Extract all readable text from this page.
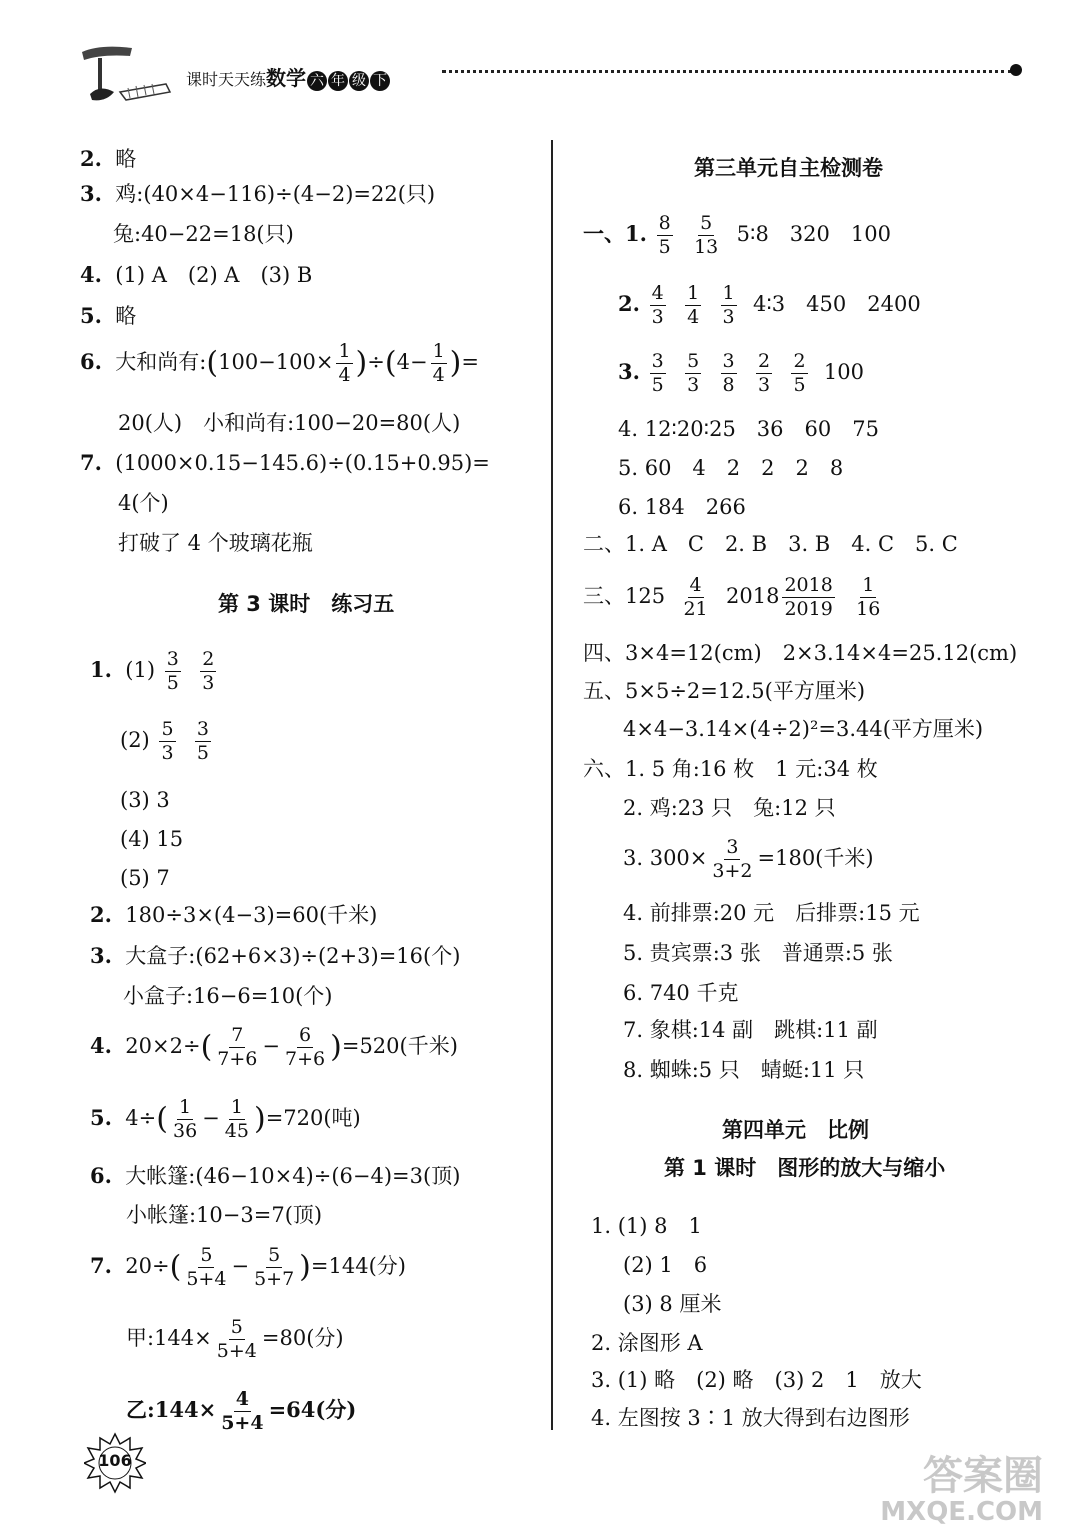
课时天天练数学 六 年 级 下
2. 略
3. 鸡:(40×4−116)÷(4−2)=22(只)
兔:40−22=18(只)
4. (1) A　(2) A　(3) B
5. 略
6. 大和尚有:(100−100× $\frac{1}{4} )\div(4- \frac{1}{4}$ )=
20(人)　小和尚有:100−20=80(人)
7. (1000×0.15−145.6)÷(0.15+0.95)=
4(个)
打破了 4 个玻璃花瓶
第 3 课时　练习五
1. $(1) \frac{3}{5}$
$\frac{2}{3}$
$(2) \frac{5}{3}$
$\frac{3}{5}$
(3) 3
(4) 15
(5) 7
2. 180÷3×(4−3)=60(千米)
3. 大盒子:(62+6×3)÷(2+3)=16(个)
小盒子:16−6=10(个)
4. $20\times 2\div( \frac{7}{7+6} - \frac{6}{7+6} )=520$(千米)
5. $4\div( \frac{1}{36} - \frac{1}{45} )=720$(吨)
6. 大帐篷:(46−10×4)÷(6−4)=3(顶)
小帐篷:10−3=7(顶)
7. $20\div( \frac{5}{5+4} - \frac{5}{5+7} )=144$(分)
甲:144× $\frac{5}{5+4} =80$(分)
乙:144× $\frac{4}{5+4} =64$(分)
第三单元自主检测卷
一、1. $\frac{8}{5}$
$\frac{5}{13}$ 5∶8　320　100
2. $\frac{4}{3}$
$\frac{1}{4}$
$\frac{1}{3}$ 4∶3　450　2400
3. $\frac{3}{5}$
$\frac{5}{3}$
$\frac{3}{8}$
$\frac{2}{3}$
$\frac{2}{5} 100$
4. 12∶20∶25　36　60　75
5. 60　4　2　2　2　8
6. 184　266
二、1. A　C　2. B　3. B　4. C　5. C
三、$125 \frac{4}{21} 2018 \frac{2018}{2019}$
$\frac{1}{16}$
四、3×4=12(cm)　2×3.14×4=25.12(cm)
五、5×5÷2=12.5(平方厘米)
4×4−3.14×(4÷2)²=3.44(平方厘米)
六、1. 5 角:16 枚　1 元:34 枚
2. 鸡:23 只　兔:12 只
3. $300\times \frac{3}{3+2} =180$(千米)
4. 前排票:20 元　后排票:15 元
5. 贵宾票:3 张　普通票:5 张
6. 740 千克
7. 象棋:14 副　跳棋:11 副
8. 蜘蛛:5 只　蜻蜓:11 只
第四单元　比例
第 1 课时　图形的放大与缩小
1. (1) 8　1
(2) 1　6
(3) 8 厘米
2. 涂图形 A
3. (1) 略　(2) 略　(3) 2　1　放大
4. 左图按 3∶1 放大得到右边图形
106	答案圈
MXQE.COM
